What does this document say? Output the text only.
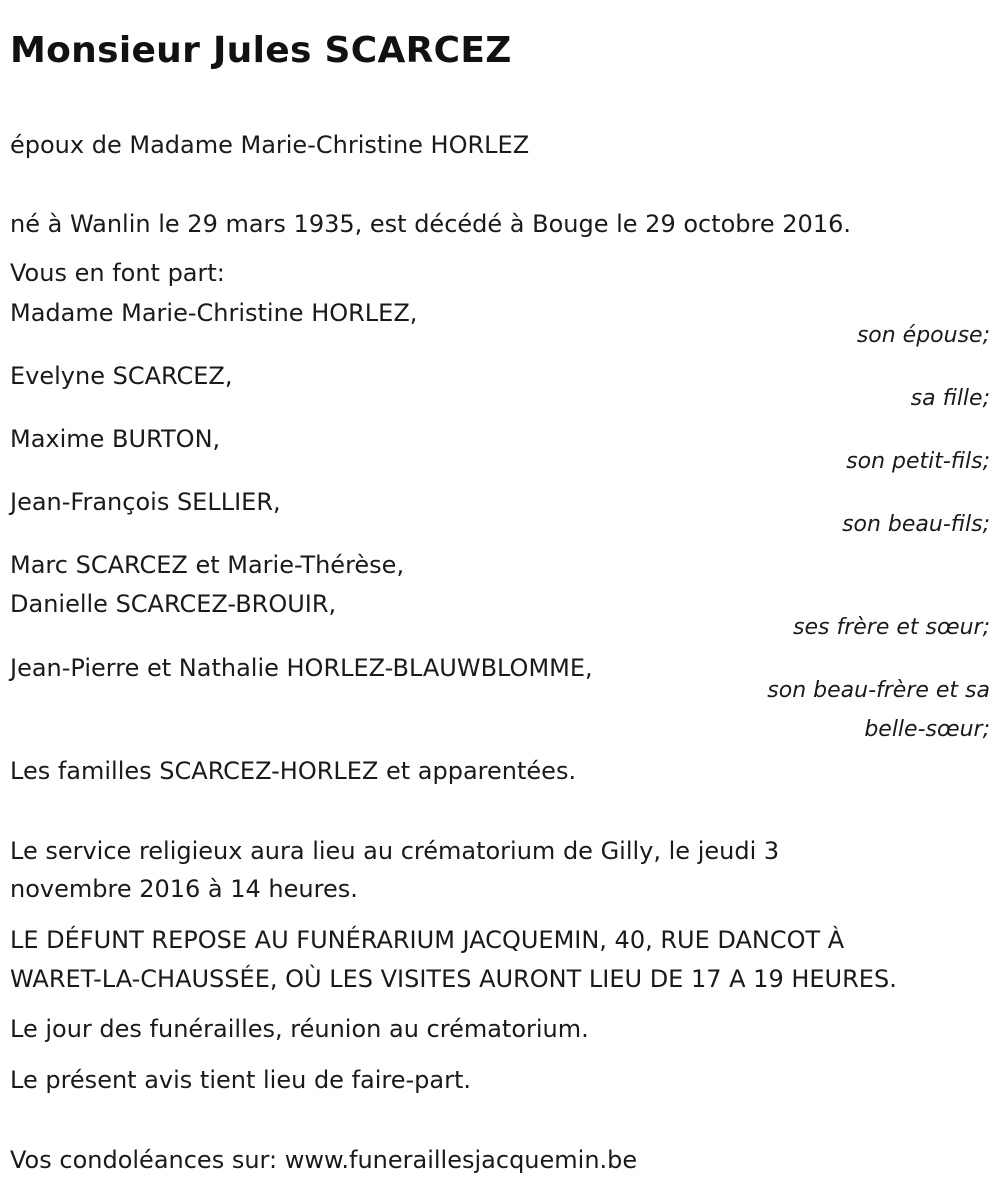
Monsieur Jules SCARCEZ
époux de Madame Marie-Christine HORLEZ
né à Wanlin le 29 mars 1935, est décédé à Bouge le 29 octobre 2016.
Vous en font part:
Madame Marie-Christine HORLEZ,
son épouse;
Evelyne SCARCEZ,
sa fille;
Maxime BURTON,
son petit-fils;
Jean-François SELLIER,
son beau-fils;
Marc SCARCEZ et Marie-Thérèse,
Danielle SCARCEZ-BROUIR,
ses frère et sœur;
Jean-Pierre et Nathalie HORLEZ-BLAUWBLOMME,
son beau-frère et sa
belle-sœur;
Les familles SCARCEZ-HORLEZ et apparentées.
Le service religieux aura lieu au crématorium de Gilly, le jeudi 3
novembre 2016 à 14 heures.
LE DÉFUNT REPOSE AU FUNÉRARIUM JACQUEMIN, 40, RUE DANCOT À
WARET-LA-CHAUSSÉE, OÙ LES VISITES AURONT LIEU DE 17 A 19 HEURES.
Le jour des funérailles, réunion au crématorium.
Le présent avis tient lieu de faire-part.
Vos condoléances sur: www.funeraillesjacquemin.be
